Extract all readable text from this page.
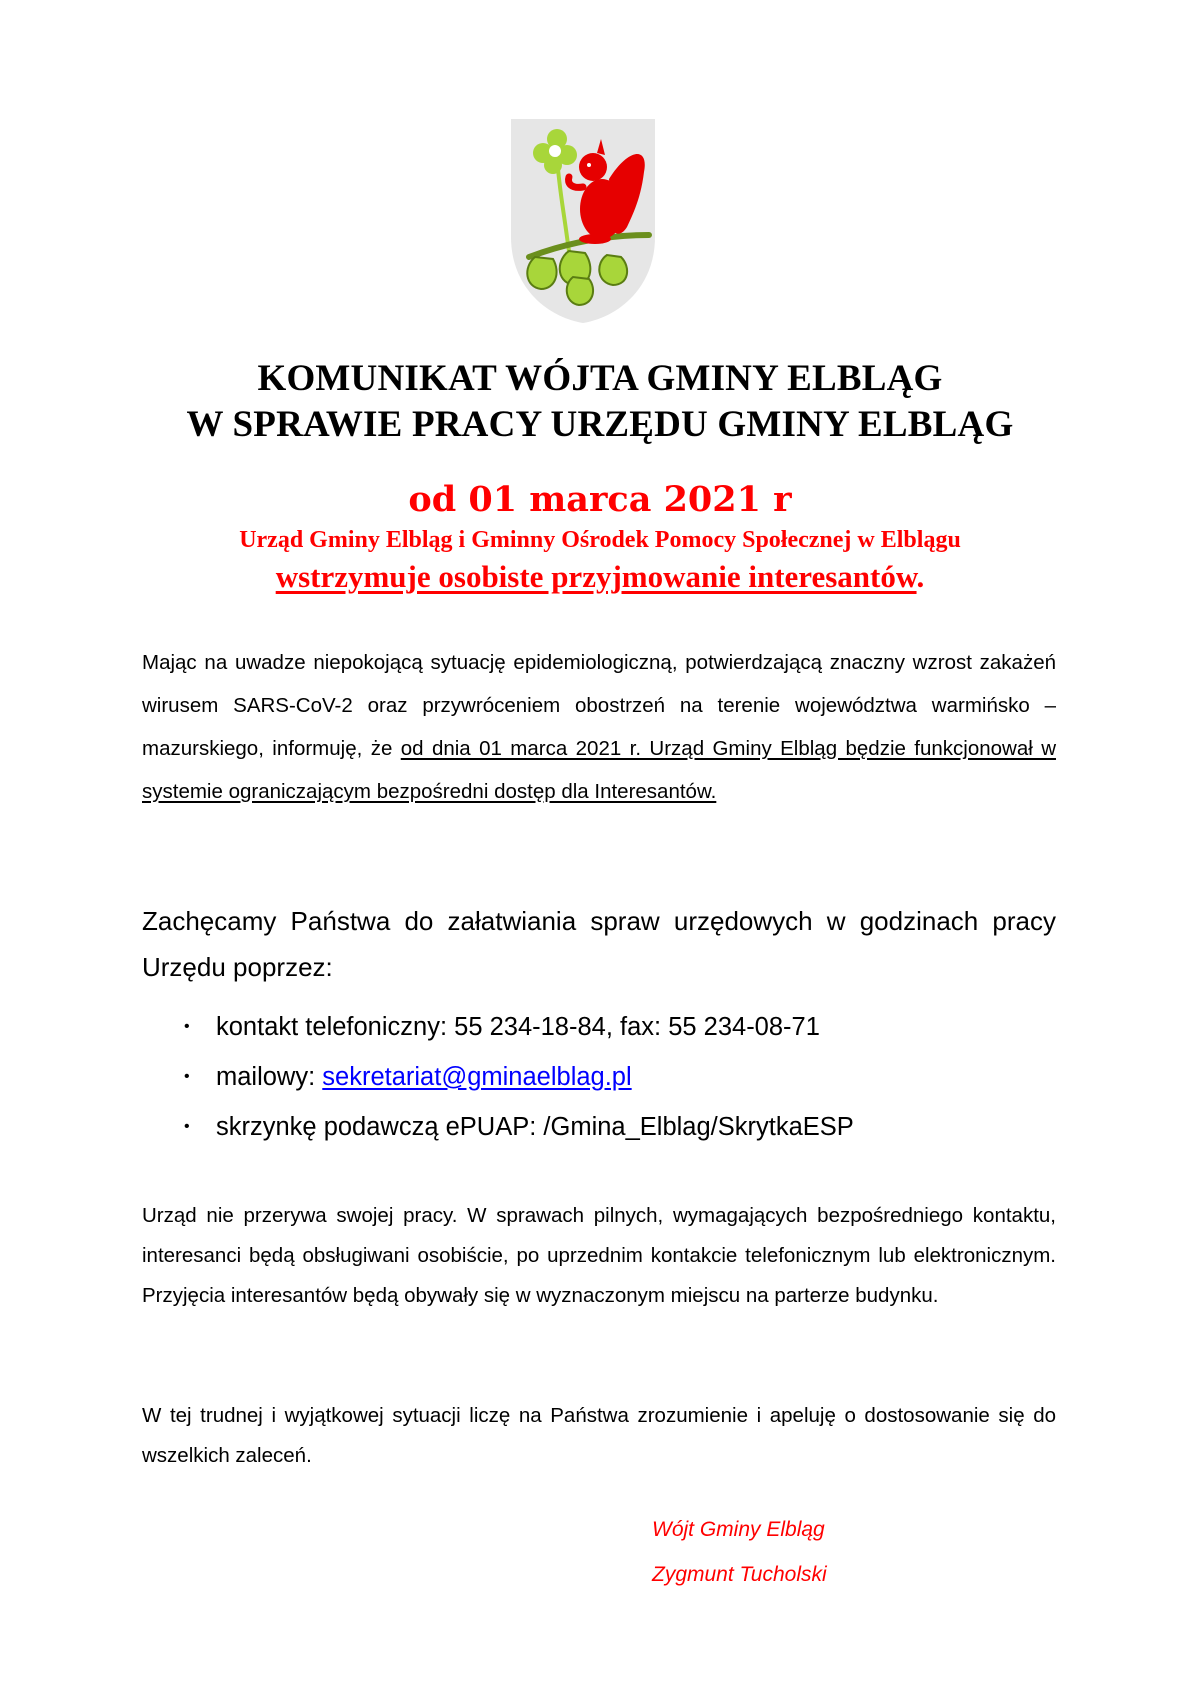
KOMUNIKAT WÓJTA GMINY ELBLĄG
W SPRAWIE PRACY URZĘDU GMINY ELBLĄG
od 01 marca 2021 r
Urząd Gminy Elbląg i Gminny Ośrodek Pomocy Społecznej w Elblągu
wstrzymuje osobiste przyjmowanie interesantów.

Mając na uwadze niepokojącą sytuację epidemiologiczną, potwierdzającą znaczny wzrost zakażeń wirusem SARS-CoV-2 oraz przywróceniem obostrzeń na terenie województwa warmińsko – mazurskiego, informuję, że od dnia 01 marca 2021 r. Urząd Gminy Elbląg będzie funkcjonował w systemie ograniczającym bezpośredni dostęp dla Interesantów.

Zachęcamy Państwa do załatwiania spraw urzędowych w godzinach pracy Urzędu poprzez:

• kontakt telefoniczny: 55 234-18-84, fax: 55 234-08-71
• mailowy: sekretariat@gminaelblag.pl
• skrzynkę podawczą ePUAP: /Gmina_Elblag/SkrytkaESP

Urząd nie przerywa swojej pracy. W sprawach pilnych, wymagających bezpośredniego kontaktu, interesanci będą obsługiwani osobiście, po uprzednim kontakcie telefonicznym lub elektronicznym. Przyjęcia interesantów będą obywały się w wyznaczonym miejscu na parterze budynku.

W tej trudnej i wyjątkowej sytuacji liczę na Państwa zrozumienie i apeluję o dostosowanie się do wszelkich zaleceń.

Wójt Gminy Elbląg
Zygmunt Tucholski
